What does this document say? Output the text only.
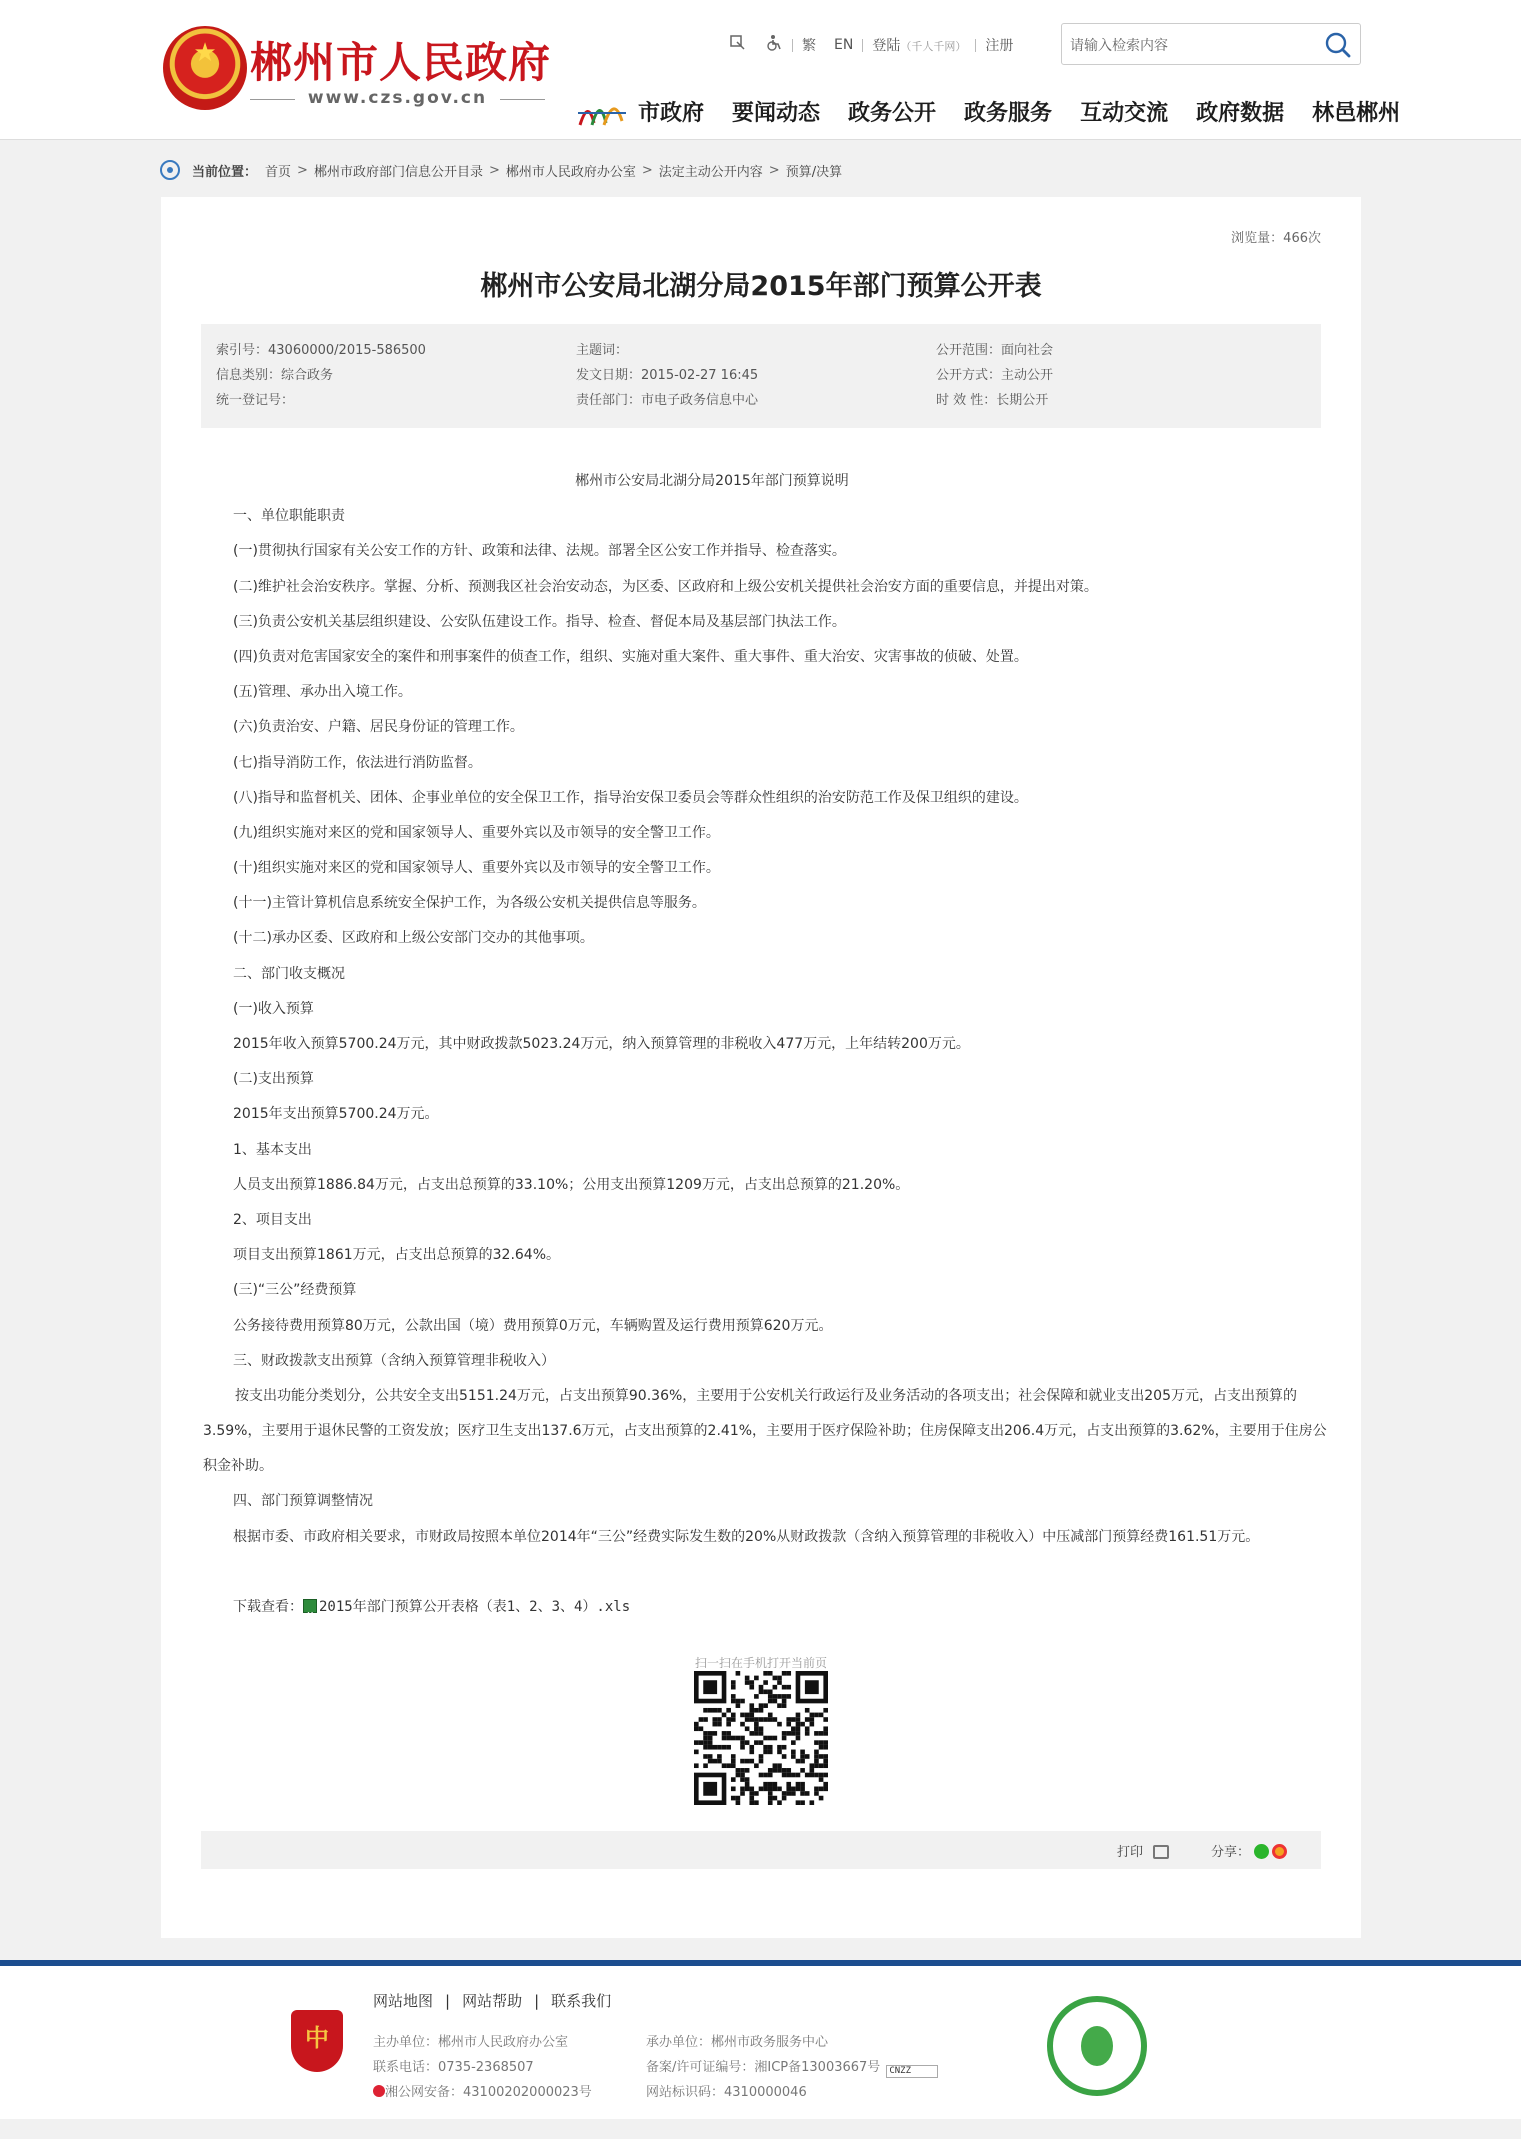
★ 郴州市人民政府
www.czs.gov.cn
繁	EN	登陆（千人千网）	注册
请输入检索内容
市政府 要闻动态 政务公开 政务服务 互动交流 政府数据 林邑郴州
当前位置： 首页 > 郴州市政府部门信息公开目录 > 郴州市人民政府办公室 > 法定主动公开内容 > 预算/决算
浏览量：466次
郴州市公安局北湖分局2015年部门预算公开表
索引号：43060000/2015-586500
信息类别：综合政务
统一登记号：
主题词：
发文日期：2015-02-27 16:45
责任部门：市电子政务信息中心
公开范围：面向社会
公开方式：主动公开
时 效 性：长期公开
郴州市公安局北湖分局2015年部门预算说明
一、单位职能职责
(一)贯彻执行国家有关公安工作的方针、政策和法律、法规。部署全区公安工作并指导、检查落实。
(二)维护社会治安秩序。掌握、分析、预测我区社会治安动态，为区委、区政府和上级公安机关提供社会治安方面的重要信息，并提出对策。
(三)负责公安机关基层组织建设、公安队伍建设工作。指导、检查、督促本局及基层部门执法工作。
(四)负责对危害国家安全的案件和刑事案件的侦查工作，组织、实施对重大案件、重大事件、重大治安、灾害事故的侦破、处置。
(五)管理、承办出入境工作。
(六)负责治安、户籍、居民身份证的管理工作。
(七)指导消防工作，依法进行消防监督。
(八)指导和监督机关、团体、企事业单位的安全保卫工作，指导治安保卫委员会等群众性组织的治安防范工作及保卫组织的建设。
(九)组织实施对来区的党和国家领导人、重要外宾以及市领导的安全警卫工作。
(十)组织实施对来区的党和国家领导人、重要外宾以及市领导的安全警卫工作。
(十一)主管计算机信息系统安全保护工作，为各级公安机关提供信息等服务。
(十二)承办区委、区政府和上级公安部门交办的其他事项。
二、部门收支概况
(一)收入预算
2015年收入预算5700.24万元，其中财政拨款5023.24万元，纳入预算管理的非税收入477万元，上年结转200万元。
(二)支出预算
2015年支出预算5700.24万元。
1、基本支出
人员支出预算1886.84万元，占支出总预算的33.10%；公用支出预算1209万元，占支出总预算的21.20%。
2、项目支出
项目支出预算1861万元，占支出总预算的32.64%。
(三)“三公”经费预算
公务接待费用预算80万元，公款出国（境）费用预算0万元，车辆购置及运行费用预算620万元。
三、财政拨款支出预算（含纳入预算管理非税收入）
按支出功能分类划分，公共安全支出5151.24万元，占支出预算90.36%，主要用于公安机关行政运行及业务活动的各项支出；社会保障和就业支出205万元，占支出预算的3.59%，主要用于退休民警的工资发放；医疗卫生支出137.6万元，占支出预算的2.41%，主要用于医疗保险补助；住房保障支出206.4万元，占支出预算的3.62%，主要用于住房公积金补助。
四、部门预算调整情况
根据市委、市政府相关要求，市财政局按照本单位2014年“三公”经费实际发生数的20%从财政拨款（含纳入预算管理的非税收入）中压减部门预算经费161.51万元。
下载查看：x 2015年部门预算公开表格（表1、2、3、4）.xls
扫一扫在手机打开当前页
打印	分享：
中
网站地图 | 网站帮助 | 联系我们
主办单位：郴州市人民政府办公室
联系电话：0735-2368507
湘公网安备：43100202000023号
承办单位：郴州市政务服务中心
备案/许可证编号：湘ICP备13003667号 CNZZ
网站标识码：4310000046
